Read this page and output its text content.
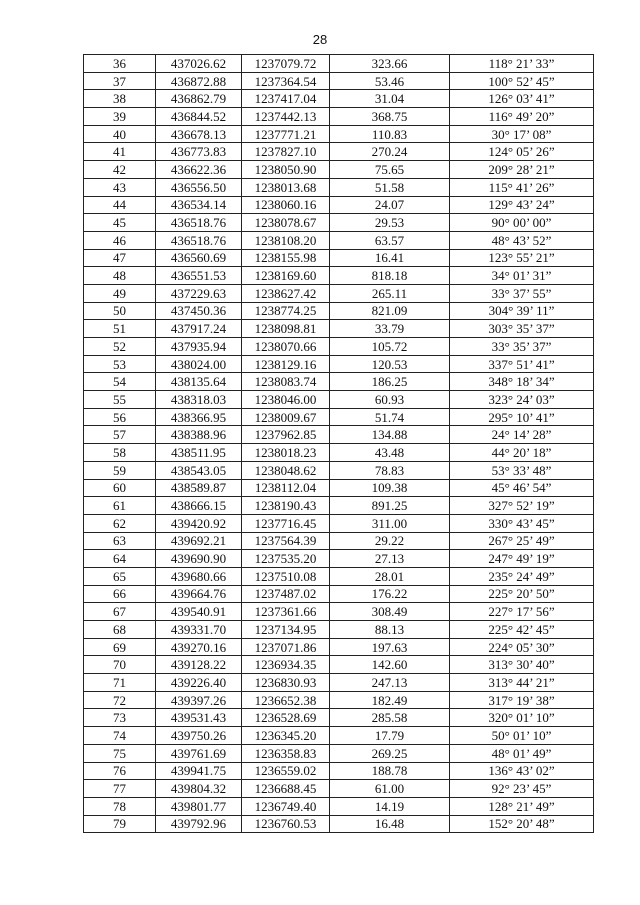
28
36	437026.62	1237079.72	323.66	118° 21’ 33”
37	436872.88	1237364.54	53.46	100° 52’ 45”
38	436862.79	1237417.04	31.04	126° 03’ 41”
39	436844.52	1237442.13	368.75	116° 49’ 20”
40	436678.13	1237771.21	110.83	30° 17’ 08”
41	436773.83	1237827.10	270.24	124° 05’ 26”
42	436622.36	1238050.90	75.65	209° 28’ 21”
43	436556.50	1238013.68	51.58	115° 41’ 26”
44	436534.14	1238060.16	24.07	129° 43’ 24”
45	436518.76	1238078.67	29.53	90° 00’ 00”
46	436518.76	1238108.20	63.57	48° 43’ 52”
47	436560.69	1238155.98	16.41	123° 55’ 21”
48	436551.53	1238169.60	818.18	34° 01’ 31”
49	437229.63	1238627.42	265.11	33° 37’ 55”
50	437450.36	1238774.25	821.09	304° 39’ 11”
51	437917.24	1238098.81	33.79	303° 35’ 37”
52	437935.94	1238070.66	105.72	33° 35’ 37”
53	438024.00	1238129.16	120.53	337° 51’ 41”
54	438135.64	1238083.74	186.25	348° 18’ 34”
55	438318.03	1238046.00	60.93	323° 24’ 03”
56	438366.95	1238009.67	51.74	295° 10’ 41”
57	438388.96	1237962.85	134.88	24° 14’ 28”
58	438511.95	1238018.23	43.48	44° 20’ 18”
59	438543.05	1238048.62	78.83	53° 33’ 48”
60	438589.87	1238112.04	109.38	45° 46’ 54”
61	438666.15	1238190.43	891.25	327° 52’ 19”
62	439420.92	1237716.45	311.00	330° 43’ 45”
63	439692.21	1237564.39	29.22	267° 25’ 49”
64	439690.90	1237535.20	27.13	247° 49’ 19”
65	439680.66	1237510.08	28.01	235° 24’ 49”
66	439664.76	1237487.02	176.22	225° 20’ 50”
67	439540.91	1237361.66	308.49	227° 17’ 56”
68	439331.70	1237134.95	88.13	225° 42’ 45”
69	439270.16	1237071.86	197.63	224° 05’ 30”
70	439128.22	1236934.35	142.60	313° 30’ 40”
71	439226.40	1236830.93	247.13	313° 44’ 21”
72	439397.26	1236652.38	182.49	317° 19’ 38”
73	439531.43	1236528.69	285.58	320° 01’ 10”
74	439750.26	1236345.20	17.79	50° 01’ 10”
75	439761.69	1236358.83	269.25	48° 01’ 49”
76	439941.75	1236559.02	188.78	136° 43’ 02”
77	439804.32	1236688.45	61.00	92° 23’ 45”
78	439801.77	1236749.40	14.19	128° 21’ 49”
79	439792.96	1236760.53	16.48	152° 20’ 48”
